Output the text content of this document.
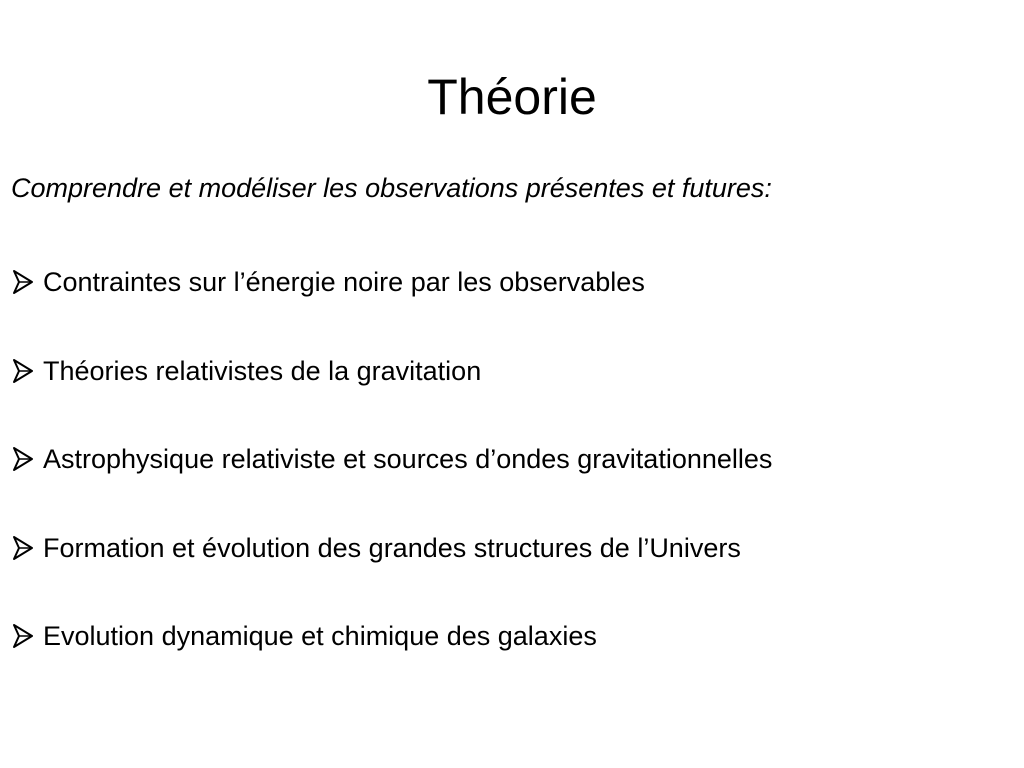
Théorie

Comprendre et modéliser les observations présentes et futures:

Contraintes sur l’énergie noire par les observables
Théories relativistes de la gravitation
Astrophysique relativiste et sources d’ondes gravitationnelles
Formation et évolution des grandes structures de l’Univers
Evolution dynamique et chimique des galaxies
